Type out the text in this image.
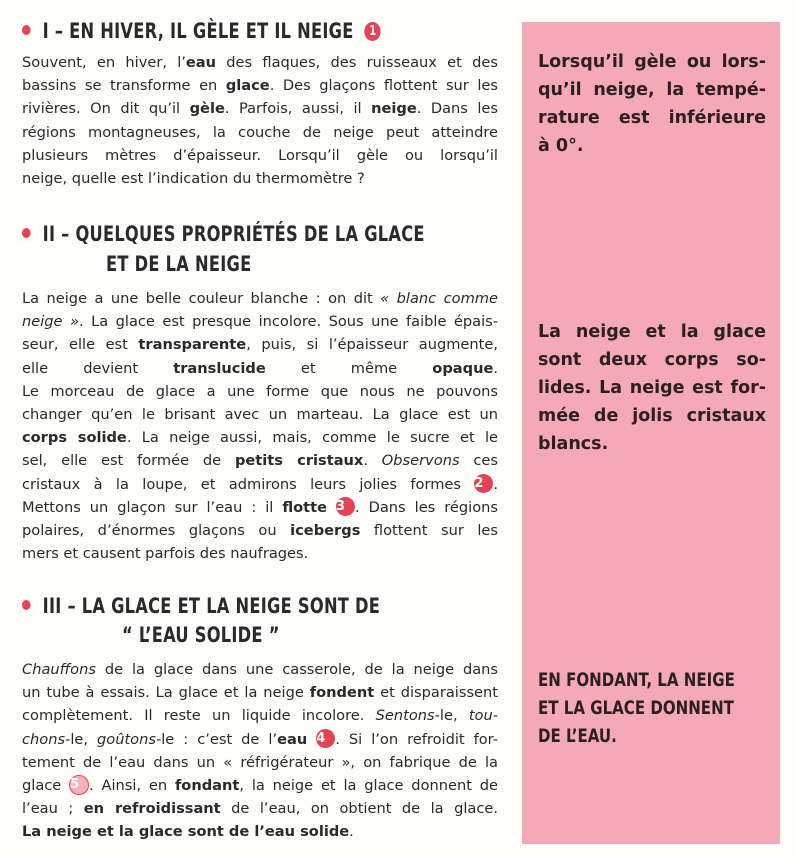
I – EN HIVER, IL GÈLE ET IL NEIGE 1
Souvent, en hiver, l’eau des flaques, des ruisseaux et des
bassins se transforme en glace. Des glaçons flottent sur les
rivières. On dit qu’il gèle. Parfois, aussi, il neige. Dans les
régions montagneuses, la couche de neige peut atteindre
plusieurs mètres d’épaisseur. Lorsqu’il gèle ou lorsqu’il
neige, quelle est l’indication du thermomètre ?
II – QUELQUES PROPRIÉTÉS DE LA GLACE
ET DE LA NEIGE
La neige a une belle couleur blanche : on dit « blanc comme
neige ». La glace est presque incolore. Sous une faible épais-
seur, elle est transparente, puis, si l’épaisseur augmente,
elle devient translucide et même opaque.
Le morceau de glace a une forme que nous ne pouvons
changer qu’en le brisant avec un marteau. La glace est un
corps solide. La neige aussi, mais, comme le sucre et le
sel, elle est formée de petits cristaux. Observons ces
cristaux à la loupe, et admirons leurs jolies formes 2 .
Mettons un glaçon sur l’eau : il flotte 3 . Dans les régions
polaires, d’énormes glaçons ou icebergs flottent sur les
mers et causent parfois des naufrages.
III – LA GLACE ET LA NEIGE SONT DE
“ L’EAU SOLIDE ”
Chauffons de la glace dans une casserole, de la neige dans
un tube à essais. La glace et la neige fondent et disparaissent
complètement. Il reste un liquide incolore. Sentons-le, tou-
chons-le, goûtons-le : c’est de l’eau 4 . Si l’on refroidit for-
tement de l’eau dans un « réfrigérateur », on fabrique de la
glace 5 . Ainsi, en fondant, la neige et la glace donnent de
l’eau ; en refroidissant de l’eau, on obtient de la glace.
La neige et la glace sont de l’eau solide.
Lorsqu’il gèle ou lors-
qu’il neige, la tempé-
rature est inférieure
à 0°.
La neige et la glace
sont deux corps so-
lides. La neige est for-
mée de jolis cristaux
blancs.
EN FONDANT, LA NEIGE
ET LA GLACE DONNENT
DE L’EAU.
